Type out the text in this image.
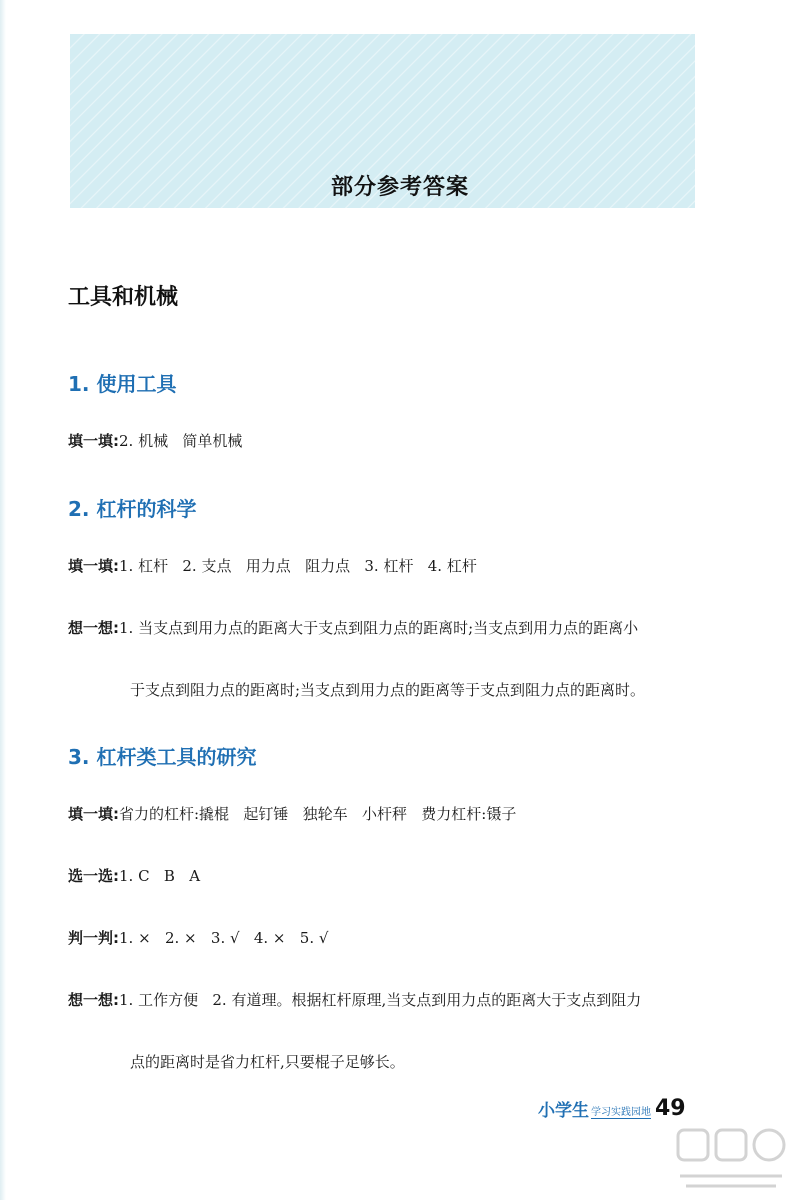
部分参考答案
工具和机械
1. 使用工具
填一填:2. 机械   简单机械
2. 杠杆的科学
填一填:1. 杠杆   2. 支点   用力点   阻力点   3. 杠杆   4. 杠杆
想一想:1. 当支点到用力点的距离大于支点到阻力点的距离时;当支点到用力点的距离小
于支点到阻力点的距离时;当支点到用力点的距离等于支点到阻力点的距离时。
3. 杠杆类工具的研究
填一填:省力的杠杆:撬棍   起钉锤   独轮车   小杆秤   费力杠杆:镊子
选一选:1. C   B   A
判一判:1. ×   2. ×   3. √   4. ×   5. √
想一想:1. 工作方便   2. 有道理。根据杠杆原理,当支点到用力点的距离大于支点到阻力
点的距离时是省力杠杆,只要棍子足够长。
小学生 学习实践园地 49
